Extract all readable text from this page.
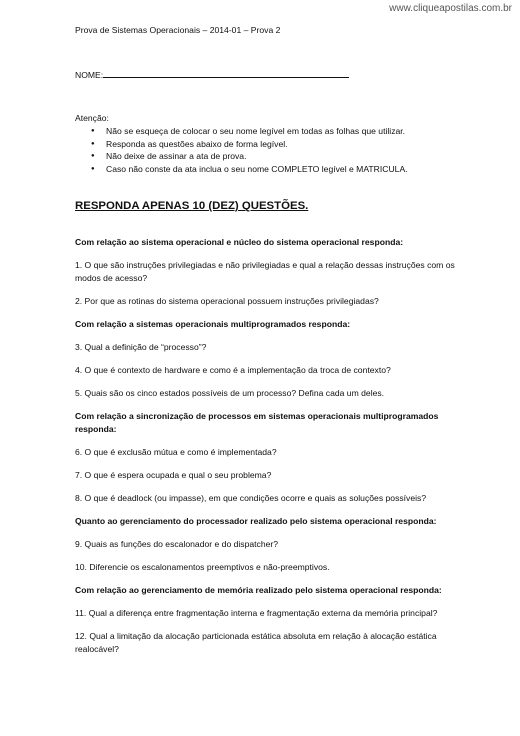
www.cliqueapostilas.com.br
Prova de Sistemas Operacionais – 2014-01 – Prova 2
NOME:
Atenção:
● Não se esqueça de colocar o seu nome legível em todas as folhas que utilizar.
● Responda as questões abaixo de forma legível.
● Não deixe de assinar a ata de prova.
● Caso não conste da ata inclua o seu nome COMPLETO legível e MATRICULA.
RESPONDA APENAS 10 (DEZ) QUESTÕES.

Com relação ao sistema operacional e núcleo do sistema operacional responda:

1. O que são instruções privilegiadas e não privilegiadas e qual a relação dessas instruções com os modos de acesso?

2. Por que as rotinas do sistema operacional possuem instruções privilegiadas?

Com relação a sistemas operacionais multiprogramados responda:

3. Qual a definição de “processo”?

4. O que é contexto de hardware e como é a implementação da troca de contexto?

5. Quais são os cinco estados possíveis de um processo? Defina cada um deles.

Com relação a sincronização de processos em sistemas operacionais multiprogramados responda:

6. O que é exclusão mútua e como é implementada?

7. O que é espera ocupada e qual o seu problema?

8. O que é deadlock (ou impasse), em que condições ocorre e quais as soluções possíveis?

Quanto ao gerenciamento do processador realizado pelo sistema operacional responda:

9. Quais as funções do escalonador e do dispatcher?

10. Diferencie os escalonamentos preemptivos e não-preemptivos.

Com relação ao gerenciamento de memória realizado pelo sistema operacional responda:

11. Qual a diferença entre fragmentação interna e fragmentação externa da memória principal?

12. Qual a limitação da alocação particionada estática absoluta em relação à alocação estática realocável?
